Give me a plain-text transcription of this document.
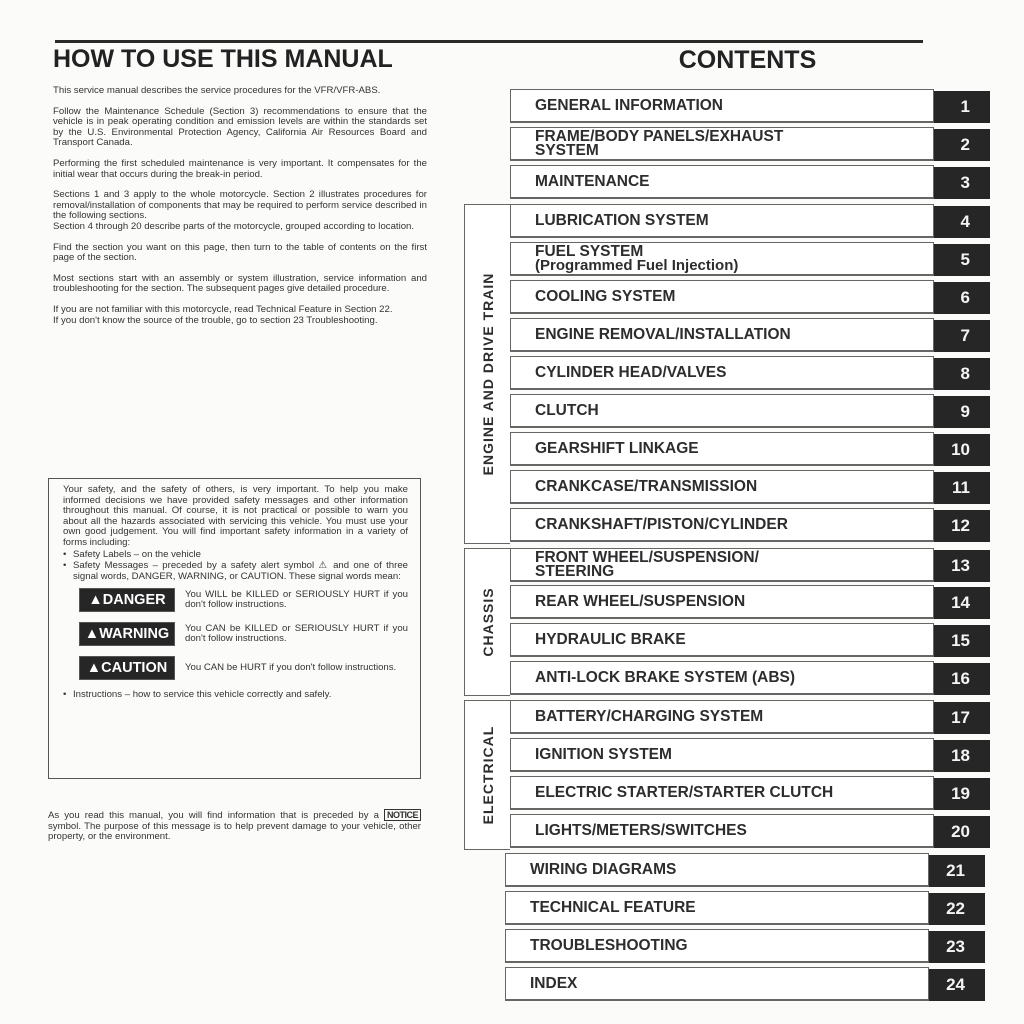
HOW TO USE THIS MANUAL

This service manual describes the service procedures for the VFR/VFR-ABS.

Follow the Maintenance Schedule (Section 3) recommendations to ensure that the vehicle is in peak operating condition and emission levels are within the standards set by the U.S. Environmental Protection Agency, California Air Resources Board and Transport Canada.

Performing the first scheduled maintenance is very important. It compensates for the initial wear that occurs during the break-in period.

Sections 1 and 3 apply to the whole motorcycle. Section 2 illustrates procedures for removal/installation of components that may be required to perform service described in the following sections.

Section 4 through 20 describe parts of the motorcycle, grouped according to location.

Find the section you want on this page, then turn to the table of contents on the first page of the section.

Most sections start with an assembly or system illustration, service information and troubleshooting for the section. The subsequent pages give detailed procedure.

If you are not familiar with this motorcycle, read Technical Feature in Section 22.

If you don't know the source of the trouble, go to section 23 Troubleshooting.

Your safety, and the safety of others, is very important. To help you make informed decisions we have provided safety messages and other information throughout this manual. Of course, it is not practical or possible to warn you about all the hazards associated with servicing this vehicle. You must use your own good judgement. You will find important safety information in a variety of forms including:
• Safety Labels – on the vehicle
• Safety Messages – preceded by a safety alert symbol ⚠ and one of three signal words, DANGER, WARNING, or CAUTION. These signal words mean:
▲DANGER	You WILL be KILLED or SERIOUSLY HURT if you don't follow instructions.
▲WARNING	You CAN be KILLED or SERIOUSLY HURT if you don't follow instructions.
▲CAUTION	You CAN be HURT if you don't follow instructions.
• Instructions – how to service this vehicle correctly and safely.
As you read this manual, you will find information that is preceded by a NOTICE symbol. The purpose of this message is to help prevent damage to your vehicle, other property, or the environment.
CONTENTS
ENGINE AND DRIVE TRAIN
CHASSIS
ELECTRICAL
GENERAL INFORMATION	1
FRAME/BODY PANELS/EXHAUST
SYSTEM	2
MAINTENANCE	3
LUBRICATION SYSTEM	4
FUEL SYSTEM
(Programmed Fuel Injection)	5
COOLING SYSTEM	6
ENGINE REMOVAL/INSTALLATION	7
CYLINDER HEAD/VALVES	8
CLUTCH	9
GEARSHIFT LINKAGE	10
CRANKCASE/TRANSMISSION	11
CRANKSHAFT/PISTON/CYLINDER	12
FRONT WHEEL/SUSPENSION/
STEERING	13
REAR WHEEL/SUSPENSION	14
HYDRAULIC BRAKE	15
ANTI-LOCK BRAKE SYSTEM (ABS)	16
BATTERY/CHARGING SYSTEM	17
IGNITION SYSTEM	18
ELECTRIC STARTER/STARTER CLUTCH	19
LIGHTS/METERS/SWITCHES	20
WIRING DIAGRAMS	21
TECHNICAL FEATURE	22
TROUBLESHOOTING	23
INDEX	24
